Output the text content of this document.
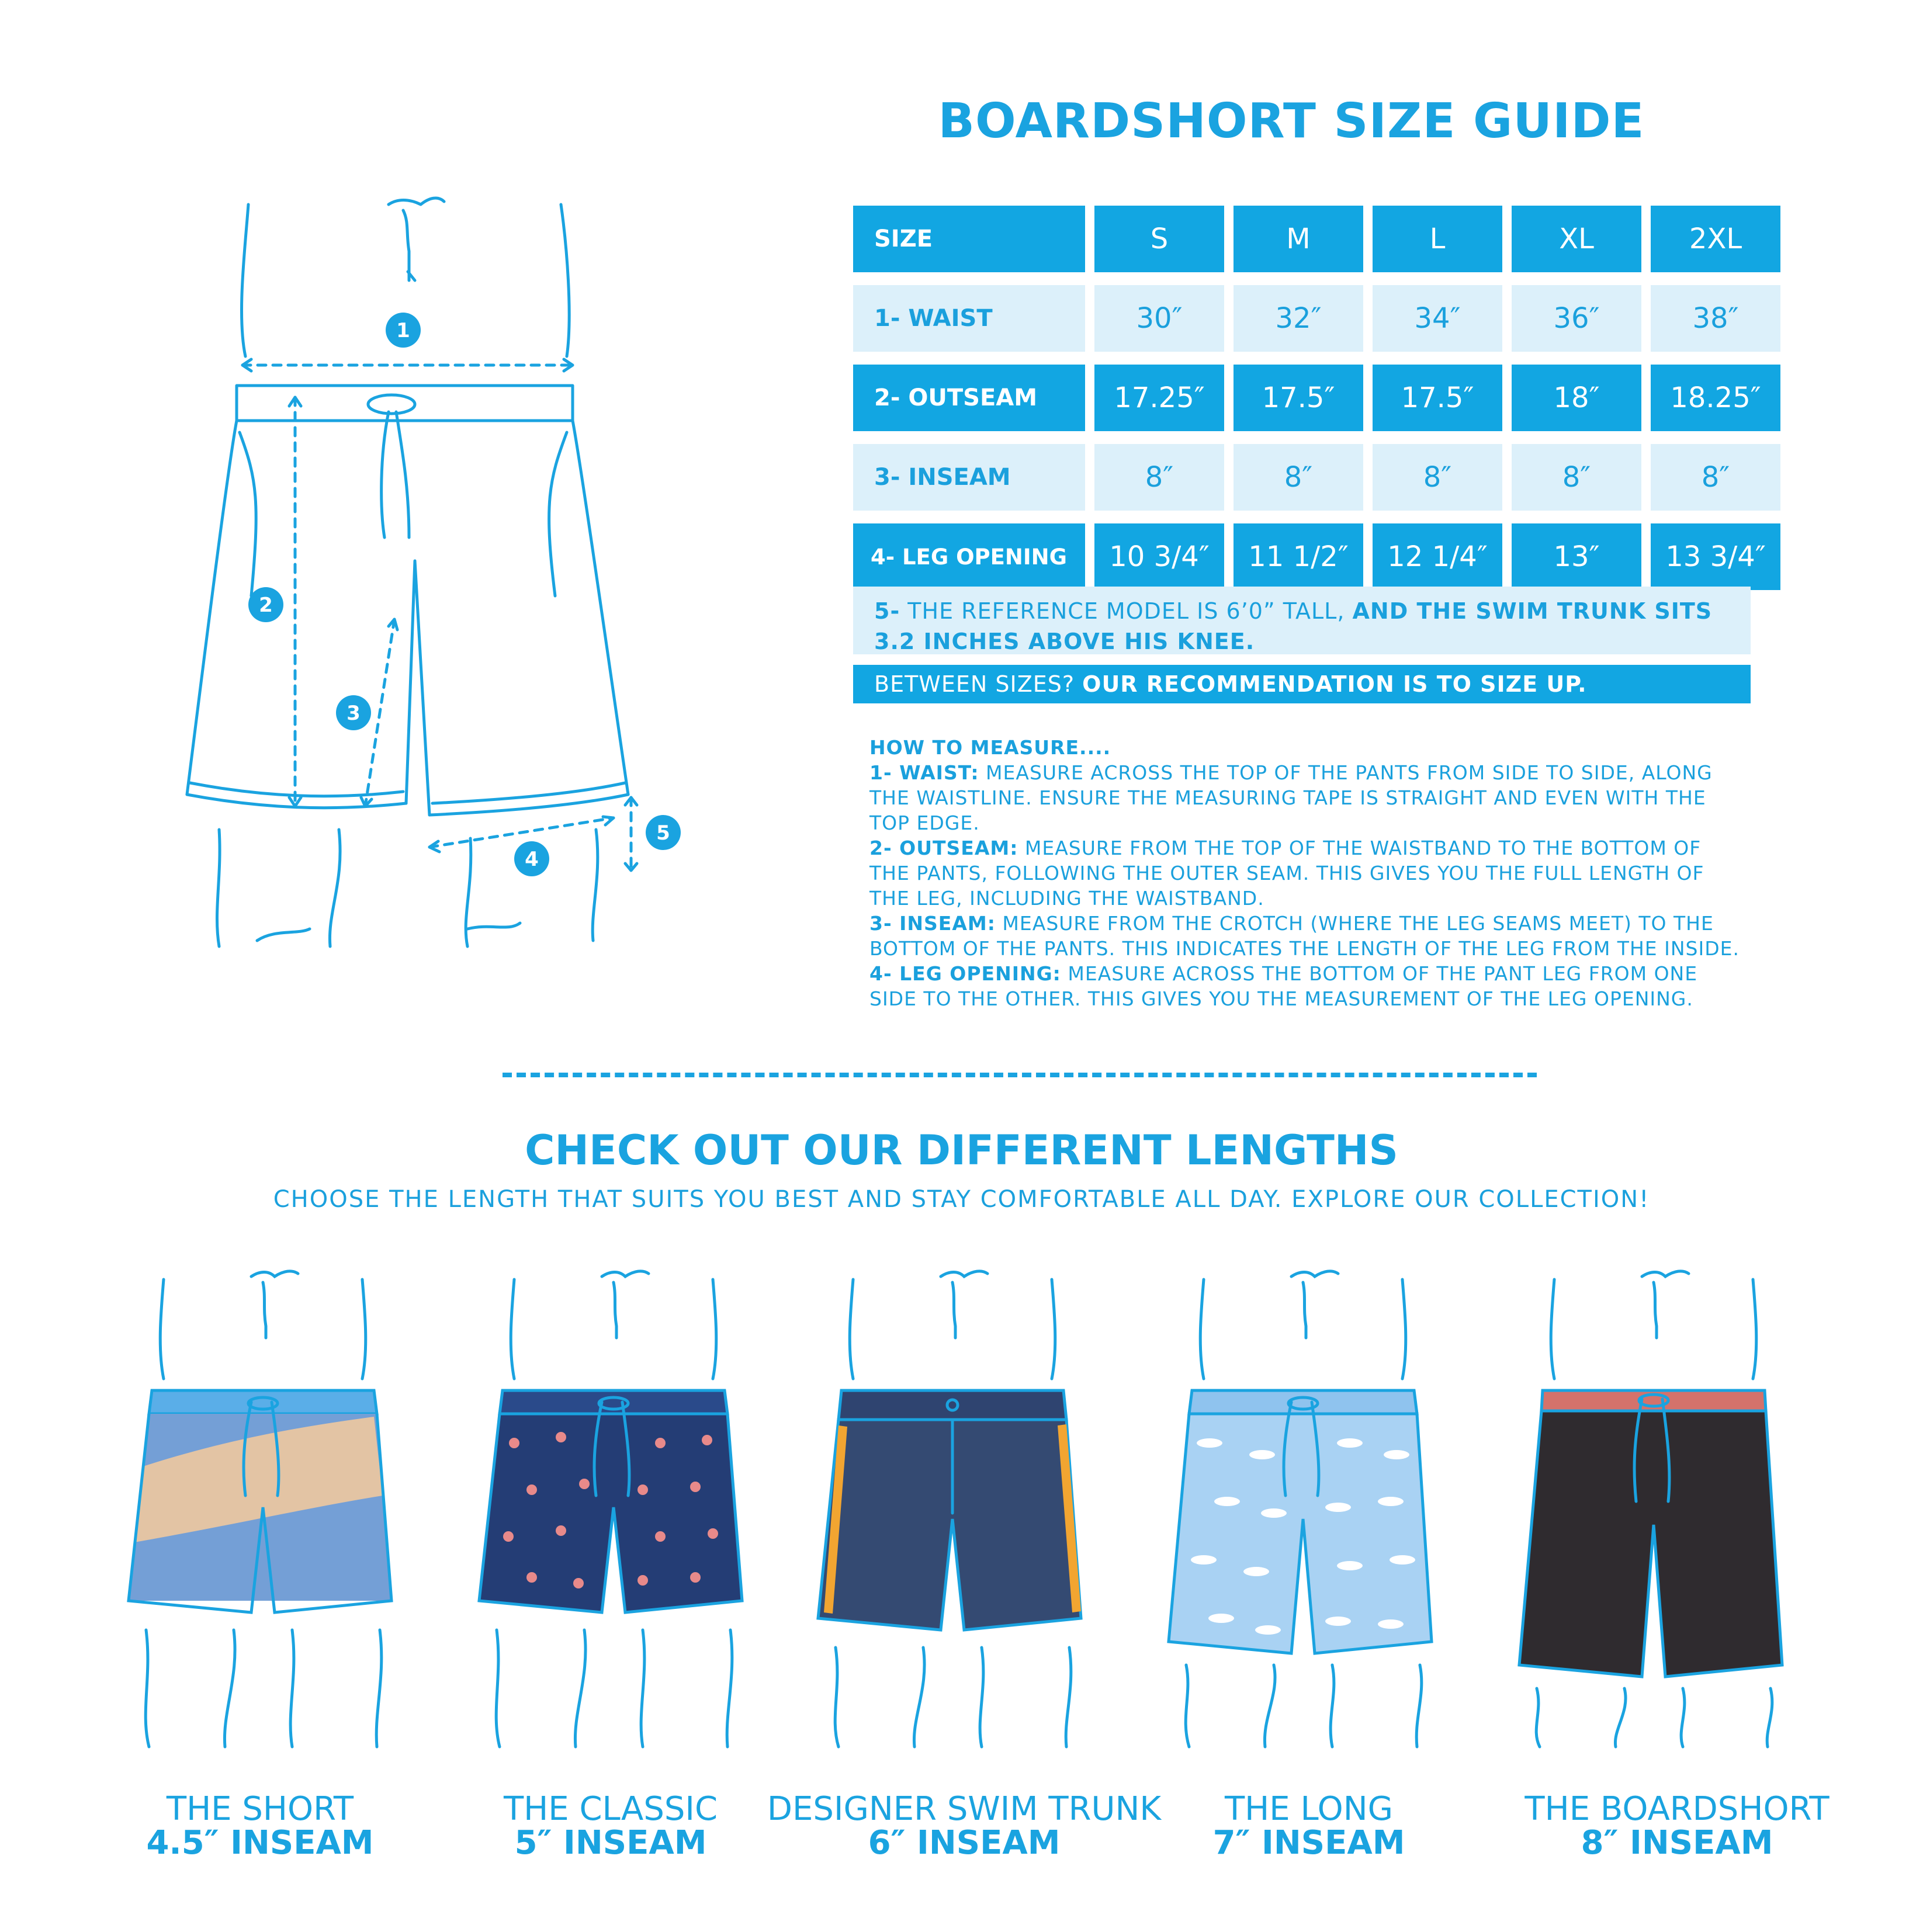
BOARDSHORT SIZE GUIDE
SIZE	S	M	L	XL	2XL
1- WAIST	30″	32″	34″	36″	38″
2- OUTSEAM	17.25″	17.5″	17.5″	18″	18.25″
3- INSEAM	8″	8″	8″	8″	8″
4- LEG OPENING	10 3/4″	11 1/2″	12 1/4″	13″	13 3/4″
5- THE REFERENCE MODEL IS 6’0” TALL, AND THE SWIM TRUNK SITS 3.2 INCHES ABOVE HIS KNEE.
BETWEEN SIZES? OUR RECOMMENDATION IS TO SIZE UP.
HOW TO MEASURE....
1- WAIST: MEASURE ACROSS THE TOP OF THE PANTS FROM SIDE TO SIDE, ALONG THE WAISTLINE. ENSURE THE MEASURING TAPE IS STRAIGHT AND EVEN WITH THE TOP EDGE.
2- OUTSEAM: MEASURE FROM THE TOP OF THE WAISTBAND TO THE BOTTOM OF THE PANTS, FOLLOWING THE OUTER SEAM. THIS GIVES YOU THE FULL LENGTH OF THE LEG, INCLUDING THE WAISTBAND.
3- INSEAM: MEASURE FROM THE CROTCH (WHERE THE LEG SEAMS MEET) TO THE BOTTOM OF THE PANTS. THIS INDICATES THE LENGTH OF THE LEG FROM THE INSIDE.
4- LEG OPENING: MEASURE ACROSS THE BOTTOM OF THE PANT LEG FROM ONE SIDE TO THE OTHER. THIS GIVES YOU THE MEASUREMENT OF THE LEG OPENING.
1
2
3
4
5
CHECK OUT OUR DIFFERENT LENGTHS
CHOOSE THE LENGTH THAT SUITS YOU BEST AND STAY COMFORTABLE ALL DAY. EXPLORE OUR COLLECTION!
THE SHORT
4.5″ INSEAM
THE CLASSIC
5″ INSEAM
DESIGNER SWIM TRUNK
6″ INSEAM
THE LONG
7″ INSEAM
THE BOARDSHORT
8″ INSEAM
